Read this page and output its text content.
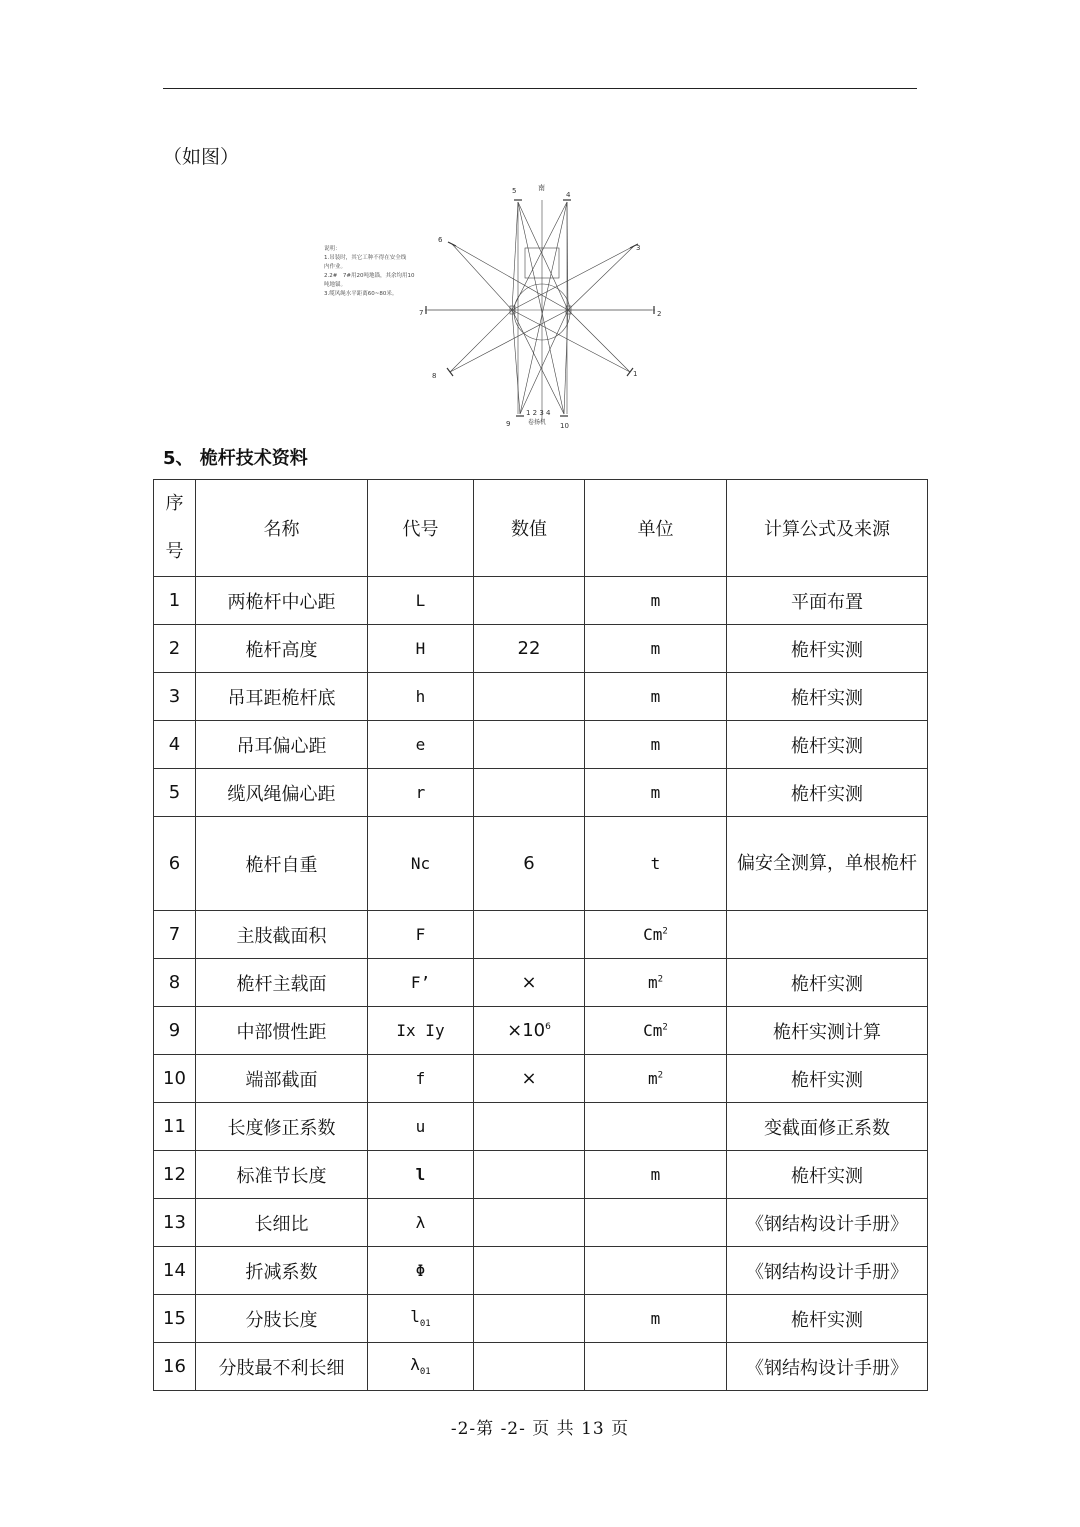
（如图）
南
1
2
3
4
5
6
7
8
9	10
1 2 3 4
卷扬机
说明：
1.吊装时，其它工种不得在安全线
内作业。
2.2#　7#用20吨地锚，其余均用10
吨地锚。
3.缆风绳水平距离60~80米。
5、 桅杆技术资料
序
号	名称	代号	数值	单位	计算公式及来源
1	两桅杆中心距	L		m	平面布置
2	桅杆高度	H	22	m	桅杆实测
3	吊耳距桅杆底	h		m	桅杆实测
4	吊耳偏心距	e		m	桅杆实测
5	缆风绳偏心距	r		m	桅杆实测
6	桅杆自重	Nc	6	t	偏安全测算，单根桅杆

7	主肢截面积	F		Cm$^2$	
8	桅杆主载面	F’	×	$m^2$	桅杆实测
9	中部惯性距	Ix Iy	$\times 10^6$	Cm$^2$	桅杆实测计算
10	端部截面	f	×	$m^2$	桅杆实测
11	长度修正系数	u			变截面修正系数
12	标准节长度	l		m	桅杆实测
13	长细比	λ			《钢结构设计手册》
14	折减系数	Φ			《钢结构设计手册》
15	分肢长度	$l_{01}$		m	桅杆实测
16	分肢最不利长细	$\lambda_{01}$			《钢结构设计手册》
-2-第 -2- 页 共 13 页
